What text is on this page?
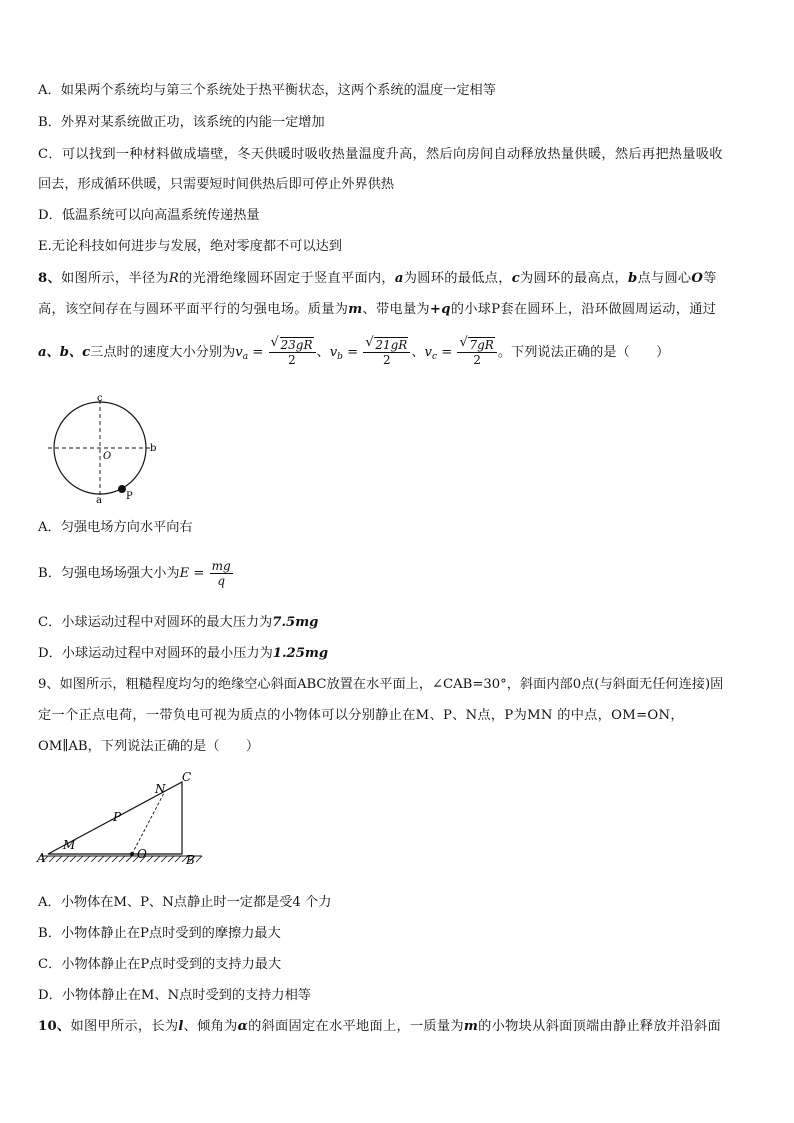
A．如果两个系统均与第三个系统处于热平衡状态，这两个系统的温度一定相等
B．外界对某系统做正功，该系统的内能一定增加
C．可以找到一种材料做成墙壁，冬天供暖时吸收热量温度升高，然后向房间自动释放热量供暖，然后再把热量吸收
回去，形成循环供暖，只需要短时间供热后即可停止外界供热
D．低温系统可以向高温系统传递热量
E.无论科技如何进步与发展，绝对零度都不可以达到
8、如图所示，半径为R的光滑绝缘圆环固定于竖直平面内，a为圆环的最低点，c为圆环的最高点，b点与圆心O等
高，该空间存在与圆环平面平行的匀强电场。质量为m、带电量为+q的小球P套在圆环上，沿环做圆周运动，通过
a、b、c三点时的速度大小分别为$v_a = \frac{√ 23gR}{2}$ 、$v_b = \frac{√ 21gR}{2}$ 、$v_c = \frac{√ 7gR}{2}$ 。下列说法正确的是（　　）
c
b
a
O
P
A．匀强电场方向水平向右
B．匀强电场场强大小为$E = \frac{mg}{q}$
C．小球运动过程中对圆环的最大压力为7.5mg
D．小球运动过程中对圆环的最小压力为1.25mg
9、如图所示，粗糙程度均匀的绝缘空心斜面ABC放置在水平面上，∠CAB=30°，斜面内部0点(与斜面无任何连接)固
定一个正点电荷，一带负电可视为质点的小物体可以分别静止在M、P、N点，P为MN 的中点，OM=ON，
OM∥AB，下列说法正确的是（　　）
A	B
C
M
N
P
O
A．小物体在M、P、N点静止时一定都是受4 个力
B．小物体静止在P点时受到的摩擦力最大
C．小物体静止在P点时受到的支持力最大
D．小物体静止在M、N点时受到的支持力相等
10、如图甲所示，长为l、倾角为α的斜面固定在水平地面上，一质量为m的小物块从斜面顶端由静止释放并沿斜面
